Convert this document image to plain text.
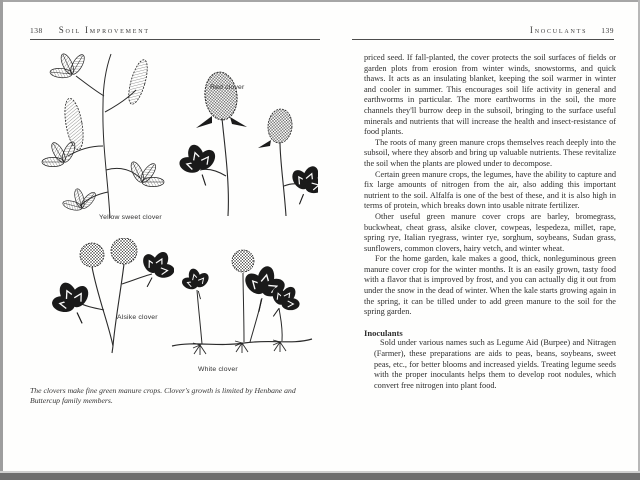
138 Soil Improvement
Red clover
Yellow sweet clover
Alsike clover
White clover
The clovers make fine green manure crops. Clover's growth is limited by Henbane and Buttercup family members.
Inoculants 139

priced seed. If fall-planted, the cover protects the soil surfaces of fields or garden plots from erosion from winter winds, snowstorms, and quick thaws. It acts as an insulating blanket, keeping the soil warmer in winter and cooler in summer. This encourages soil life activity in general and earthworms in particular. The more earthworms in the soil, the more channels they'll burrow deep in the subsoil, bringing to the surface useful minerals and nutrients that will increase the health and insect-resistance of food plants.

The roots of many green manure crops themselves reach deeply into the subsoil, where they absorb and bring up valuable nutrients. These revitalize the soil when the plants are plowed under to decompose.

Certain green manure crops, the legumes, have the ability to capture and fix large amounts of nitrogen from the air, also adding this important nutrient to the soil. Alfalfa is one of the best of these, and it is also high in terms of protein, which breaks down into usable nitrate fertilizer.

Other useful green manure cover crops are barley, bromegrass, buckwheat, cheat grass, alsike clover, cowpeas, lespedeza, millet, rape, spring rye, Italian ryegrass, winter rye, sorghum, soybeans, Sudan grass, sunflowers, common clovers, hairy vetch, and winter wheat.

For the home garden, kale makes a good, thick, nonleguminous green manure cover crop for the winter months. It is an easily grown, tasty food with a flavor that is improved by frost, and you can actually dig it out from under the snow in the dead of winter. When the kale starts growing again in the spring, it can be tilled under to add green manure to the soil for the spring garden.

Inoculants

Sold under various names such as Legume Aid (Burpee) and Nitragen (Farmer), these preparations are aids to peas, beans, soybeans, sweet peas, etc., for better blooms and increased yields. Treating legume seeds with the proper inoculants helps them to develop root nodules, which convert free nitrogen into plant food.
